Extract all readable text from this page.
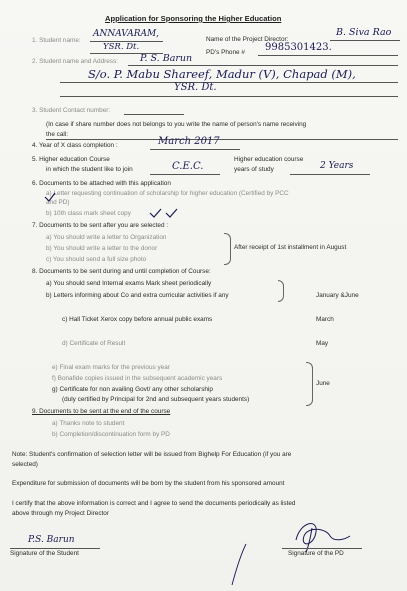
Application for Sponsoring the Higher Education
1. Student name:
ANNAVARAM,
YSR. Dt.
Name of the Project Director:
B. Siva Rao
PD's Phone # 9985301423.
2. Student name and Address: P. S. Barun
S/o. P. Mabu Shareef, Madur (V), Chapad (M),
YSR. Dt.
3. Student Contact number:
(In case if share number does not belongs to you write the name of person's name receiving
the call:
4. Year of X class completion :	March 2017
5. Higher education Course
in which the student like to join	C.E.C.
Higher education course
years of study	2 Years
6. Documents to be attached with this application
a) Letter requesting continuation of scholarship for higher education (Certified by PCC
and PD)
b) 10th class mark sheet copy
7. Documents to be sent after you are selected :
a) You should write a letter to Organization
b) You should write a letter to the donor
c) You should send a full size photo
After receipt of 1st installment in August
8. Documents to be sent during and until completion of Course:
a) You should send Internal exams Mark sheet periodically
b) Letters informing about Co and extra curricular activities if any	January &June
c) Hall Ticket Xerox copy before annual public exams	March
d) Certificate of Result	May
e) Final exam marks for the previous year
f) Bonafide copies issued in the subsequent academic years
g) Certificate for non availing Govt/ any other scholarship
(duly certified by Principal for 2nd and subsequent years students)
June
9. Documents to be sent at the end of the course
a) Thanks note to student
b) Completion/discontinuation form by PD
Note: Student's confirmation of selection letter will be issued from Bighelp For Education (if you are
selected)
Expenditure for submission of documents will be born by the student from his sponsored amount
I certify that the above information is correct and I agree to send the documents periodically as listed
above through my Project Director
P.S. Barun
Signature of the Student	Signature of the PD
